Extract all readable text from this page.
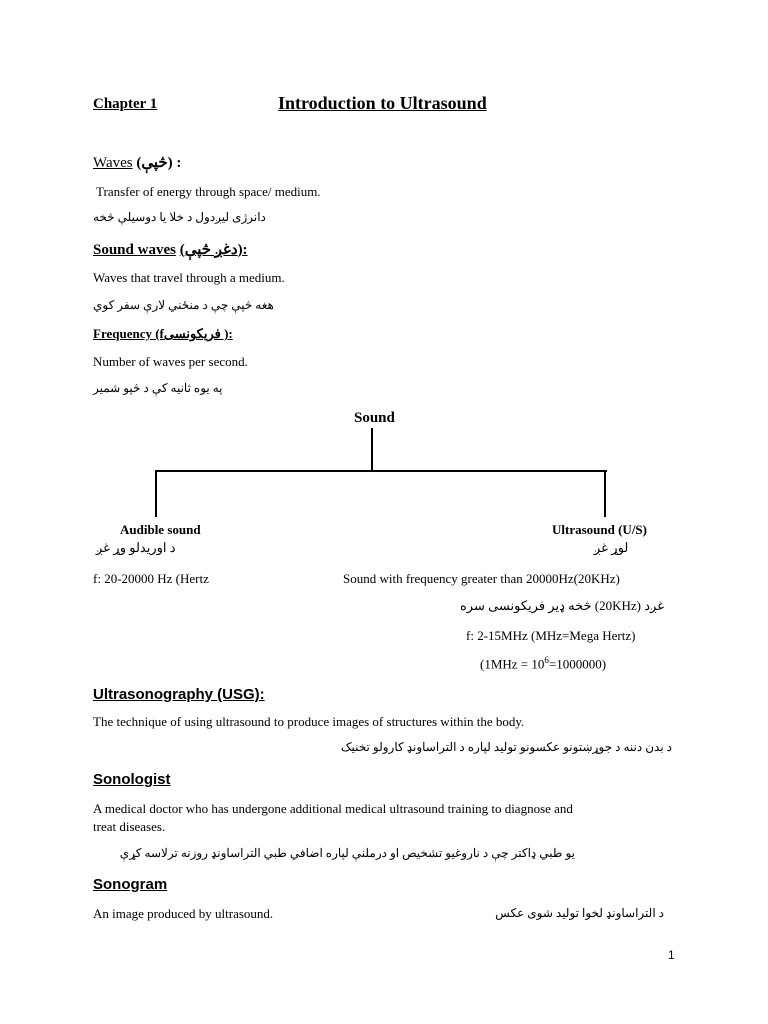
Chapter 1	Introduction to Ultrasound
Waves (څپې) :
Transfer of energy through space/ medium.
دانرژی لیږدول د خلا یا دوسیلې څخه
Sound waves (دغږ څپې):
Waves that travel through a medium.
هغه څپې چې د منځني لارې سفر کوي
Frequency (fفریکونسی ):
Number of waves per second.
په یوه ثانیه کې د څپو شمیر
Sound
Audible sound
د اوریدلو وړ غږ
Ultrasound (U/S)
لوړ غږ
f: 20-20000 Hz (Hertz	Sound with frequency greater than 20000Hz(20KHz)
غږد (20KHz) څخه ډیر فریکونسی سره
f: 2-15MHz (MHz=Mega Hertz)
$(1MHz = 10^6=1000000)$
Ultrasonography (USG):
The technique of using ultrasound to produce images of structures within the body.
د بدن دننه د جوړښتونو عکسونو تولید لپاره د التراساونډ کارولو تخنیک
Sonologist
A medical doctor who has undergone additional medical ultrasound training to diagnose and
treat diseases.
یو طبي ډاکتر چې د ناروغیو تشخیص او درملنې لپاره اضافي طبي التراساونډ روزنه ترلاسه کړې
Sonogram
An image produced by ultrasound.	د التراساونډ لخوا تولید شوی عکس
1
